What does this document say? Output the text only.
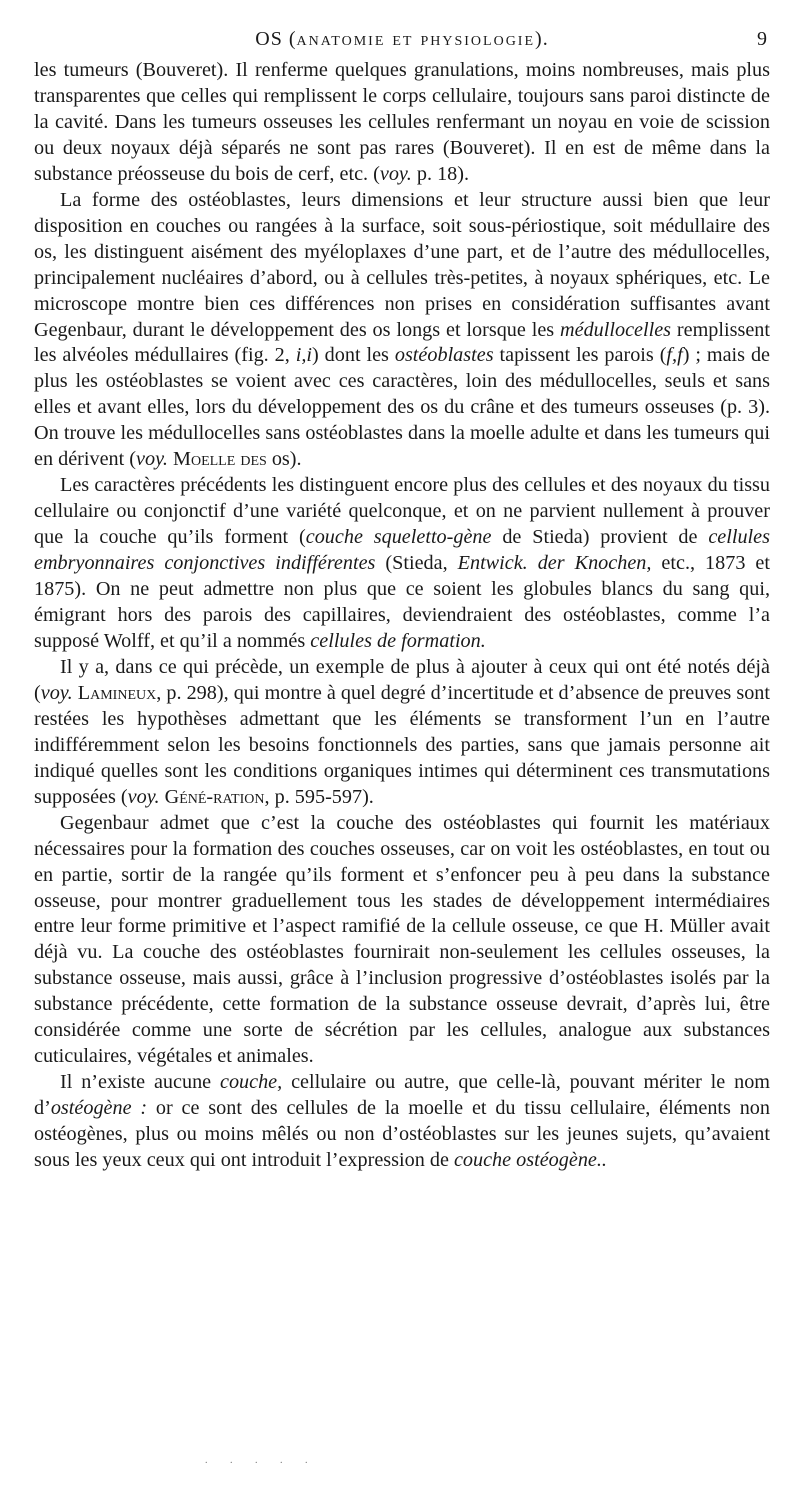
OS (anatomie et physiologie).	9

les tumeurs (Bouveret). Il renferme quelques granulations, moins nombreuses, mais plus transparentes que celles qui remplissent le corps cellulaire, toujours sans paroi distincte de la cavité. Dans les tumeurs osseuses les cellules renfermant un noyau en voie de scission ou deux noyaux déjà séparés ne sont pas rares (Bouveret). Il en est de même dans la substance préosseuse du bois de cerf, etc. (voy. p. 18).

La forme des ostéoblastes, leurs dimensions et leur structure aussi bien que leur disposition en couches ou rangées à la surface, soit sous-périostique, soit médullaire des os, les distinguent aisément des myéloplaxes d’une part, et de l’autre des médullocelles, principalement nucléaires d’abord, ou à cellules très-petites, à noyaux sphériques, etc. Le microscope montre bien ces différences non prises en considération suffisantes avant Gegenbaur, durant le développement des os longs et lorsque les médullocelles remplissent les alvéoles médullaires (fig. 2, i,i) dont les ostéoblastes tapissent les parois (f,f) ; mais de plus les ostéoblastes se voient avec ces caractères, loin des médullocelles, seuls et sans elles et avant elles, lors du développement des os du crâne et des tumeurs osseuses (p. 3). On trouve les médullocelles sans ostéoblastes dans la moelle adulte et dans les tumeurs qui en dérivent (voy. Moelle des os).

Les caractères précédents les distinguent encore plus des cellules et des noyaux du tissu cellulaire ou conjonctif d’une variété quelconque, et on ne parvient nullement à prouver que la couche qu’ils forment (couche squeletto-gène de Stieda) provient de cellules embryonnaires conjonctives indifférentes (Stieda, Entwick. der Knochen, etc., 1873 et 1875). On ne peut admettre non plus que ce soient les globules blancs du sang qui, émigrant hors des parois des capillaires, deviendraient des ostéoblastes, comme l’a supposé Wolff, et qu’il a nommés cellules de formation.

Il y a, dans ce qui précède, un exemple de plus à ajouter à ceux qui ont été notés déjà (voy. Lamineux, p. 298), qui montre à quel degré d’incertitude et d’absence de preuves sont restées les hypothèses admettant que les éléments se transforment l’un en l’autre indifféremment selon les besoins fonctionnels des parties, sans que jamais personne ait indiqué quelles sont les conditions organiques intimes qui déterminent ces transmutations supposées (voy. Géné-ration, p. 595-597).

Gegenbaur admet que c’est la couche des ostéoblastes qui fournit les matériaux nécessaires pour la formation des couches osseuses, car on voit les ostéoblastes, en tout ou en partie, sortir de la rangée qu’ils forment et s’enfoncer peu à peu dans la substance osseuse, pour montrer graduellement tous les stades de développement intermédiaires entre leur forme primitive et l’aspect ramifié de la cellule osseuse, ce que H. Müller avait déjà vu. La couche des ostéoblastes fournirait non-seulement les cellules osseuses, la substance osseuse, mais aussi, grâce à l’inclusion progressive d’ostéoblastes isolés par la substance précédente, cette formation de la substance osseuse devrait, d’après lui, être considérée comme une sorte de sécrétion par les cellules, analogue aux substances cuticulaires, végétales et animales.

Il n’existe aucune couche, cellulaire ou autre, que celle-là, pouvant mériter le nom d’ostéogène : or ce sont des cellules de la moelle et du tissu cellulaire, éléments non ostéogènes, plus ou moins mêlés ou non d’ostéoblastes sur les jeunes sujets, qu’avaient sous les yeux ceux qui ont introduit l’expression de couche ostéogène..

. . . . .
